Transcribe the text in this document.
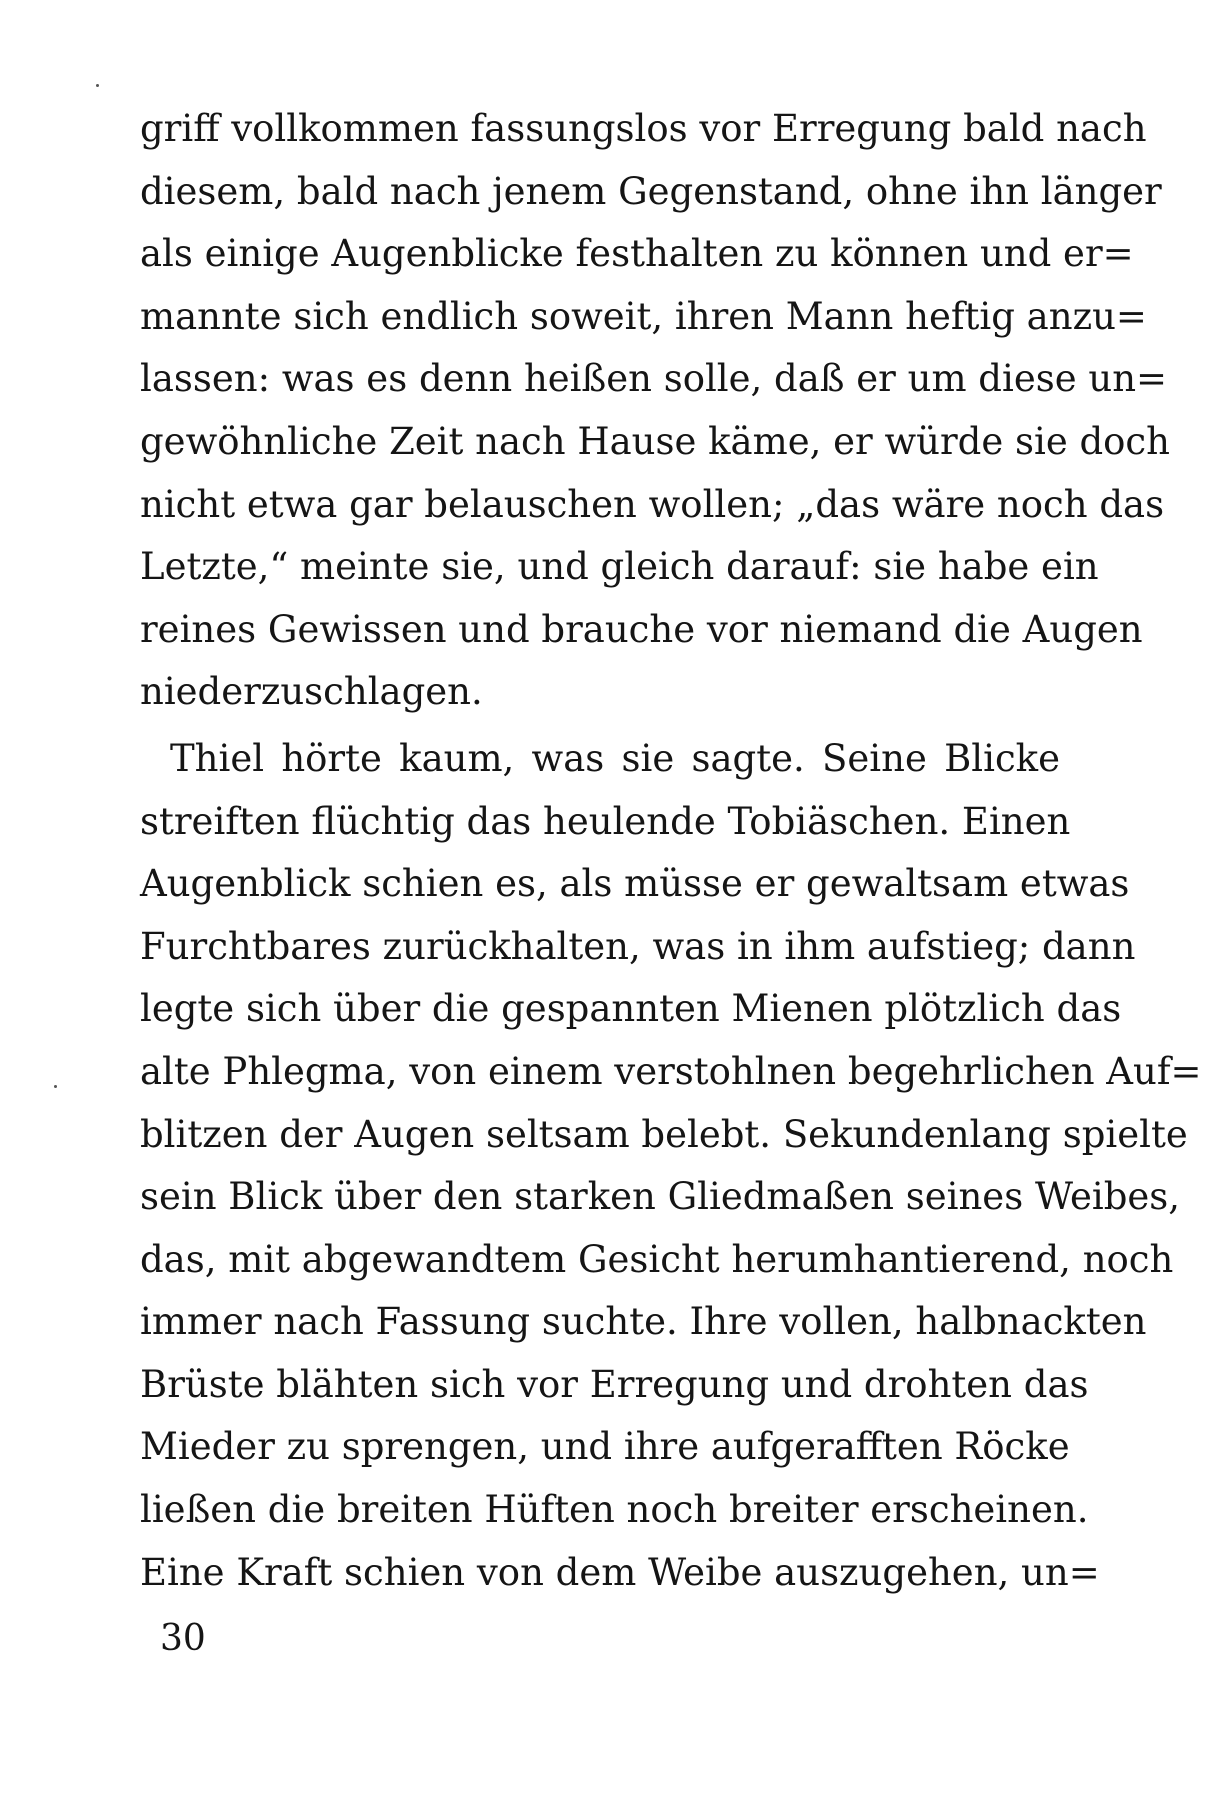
griff vollkommen fassungslos vor Erregung bald nach
diesem, bald nach jenem Gegenstand, ohne ihn länger
als einige Augenblicke festhalten zu können und er=
mannte sich endlich soweit, ihren Mann heftig anzu=
lassen: was es denn heißen solle, daß er um diese un=
gewöhnliche Zeit nach Hause käme, er würde sie doch
nicht etwa gar belauschen wollen; „das wäre noch das
Letzte,“ meinte sie, und gleich darauf: sie habe ein
reines Gewissen und brauche vor niemand die Augen
niederzuschlagen.
Thiel hörte kaum, was sie sagte. Seine Blicke
streiften flüchtig das heulende Tobiäschen. Einen
Augenblick schien es, als müsse er gewaltsam etwas
Furchtbares zurückhalten, was in ihm aufstieg; dann
legte sich über die gespannten Mienen plötzlich das
alte Phlegma, von einem verstohlnen begehrlichen Auf=
blitzen der Augen seltsam belebt. Sekundenlang spielte
sein Blick über den starken Gliedmaßen seines Weibes,
das, mit abgewandtem Gesicht herumhantierend, noch
immer nach Fassung suchte. Ihre vollen, halbnackten
Brüste blähten sich vor Erregung und drohten das
Mieder zu sprengen, und ihre aufgerafften Röcke
ließen die breiten Hüften noch breiter erscheinen.
Eine Kraft schien von dem Weibe auszugehen, un=
30
